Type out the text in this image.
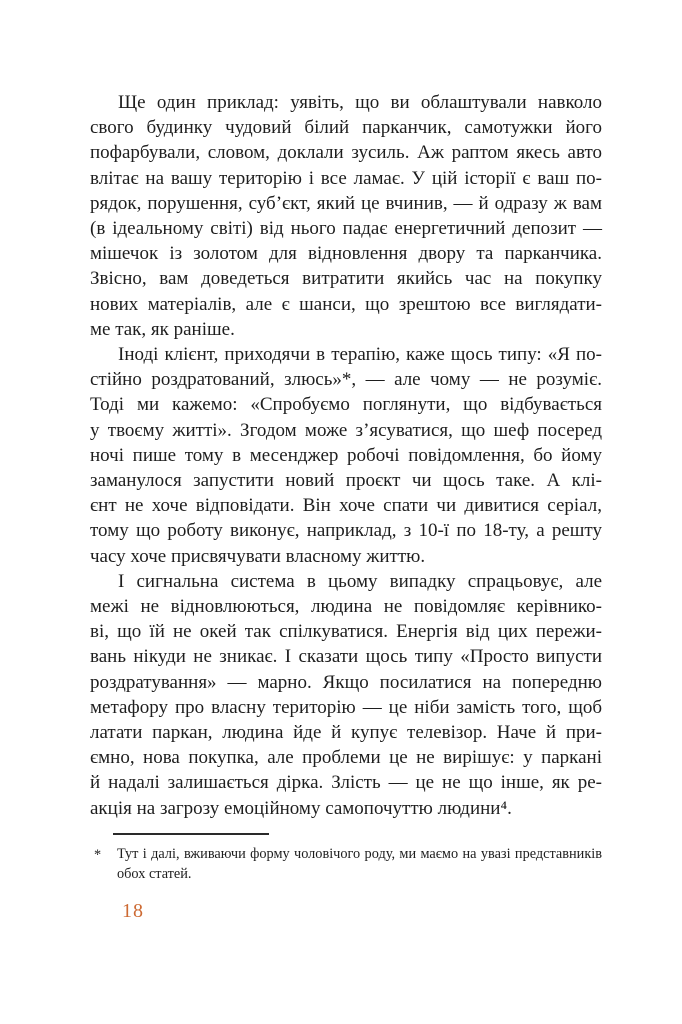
Ще один приклад: уявіть, що ви облаштували навколо
свого будинку чудовий білий парканчик, самотужки його
пофарбували, словом, доклали зусиль. Аж раптом якесь авто
влітає на вашу територію і все ламає. У цій історії є ваш по-
рядок, порушення, суб’єкт, який це вчинив, — й одразу ж вам
(в ідеальному світі) від нього падає енергетичний депозит —
мішечок із золотом для відновлення двору та парканчика.
Звісно, вам доведеться витратити якийсь час на покупку
нових матеріалів, але є шанси, що зрештою все виглядати-
ме так, як раніше.

Іноді клієнт, приходячи в терапію, каже щось типу: «Я по-
стійно роздратований, злюсь»*, — але чому — не розуміє.
Тоді ми кажемо: «Спробуємо поглянути, що відбувається
у твоєму житті». Згодом може з’ясуватися, що шеф посеред
ночі пише тому в месенджер робочі повідомлення, бо йому
заманулося запустити новий проєкт чи щось таке. А клі-
єнт не хоче відповідати. Він хоче спати чи дивитися серіал,
тому що роботу виконує, наприклад, з 10-ї по 18-ту, а решту
часу хоче присвячувати власному життю.

І сигнальна система в цьому випадку спрацьовує, але
межі не відновлюються, людина не повідомляє керівнико-
ві, що їй не окей так спілкуватися. Енергія від цих пережи-
вань нікуди не зникає. І сказати щось типу «Просто випусти
роздратування» — марно. Якщо посилатися на попередню
метафору про власну територію — це ніби замість того, щоб
латати паркан, людина йде й купує телевізор. Наче й при-
ємно, нова покупка, але проблеми це не вирішує: у паркані
й надалі залишається дірка. Злість — це не що інше, як ре-
акція на загрозу емоційному самопочуттю людини⁴.

* Тут і далі, вживаючи форму чоловічого роду, ми маємо на увазі представників
обох статей.
18
